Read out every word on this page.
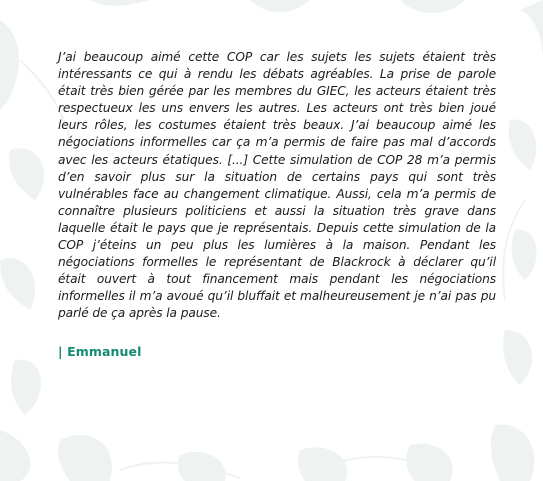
J’ai beaucoup aimé cette COP car les sujets les sujets étaient très intéressants ce qui à rendu les débats agréables. La prise de parole était très bien gérée par les membres du GIEC, les acteurs étaient très respectueux les uns envers les autres. Les acteurs ont très bien joué leurs rôles, les costumes étaient très beaux. J’ai beaucoup aimé les négociations informelles car ça m’a permis de faire pas mal d’accords avec les acteurs étatiques. [...] Cette simulation de COP 28 m’a permis d’en savoir plus sur la situation de certains pays qui sont très vulnérables face au changement climatique. Aussi, cela m’a permis de connaître plusieurs politiciens et aussi la situation très grave dans laquelle était le pays que je représentais. Depuis cette simulation de la COP j’éteins un peu plus les lumières à la maison. Pendant les négociations formelles le représentant de Blackrock à déclarer qu’il était ouvert à tout financement mais pendant les négociations informelles il m’a avoué qu’il bluffait et malheureusement je n’ai pas pu parlé de ça après la pause.

| Emmanuel
